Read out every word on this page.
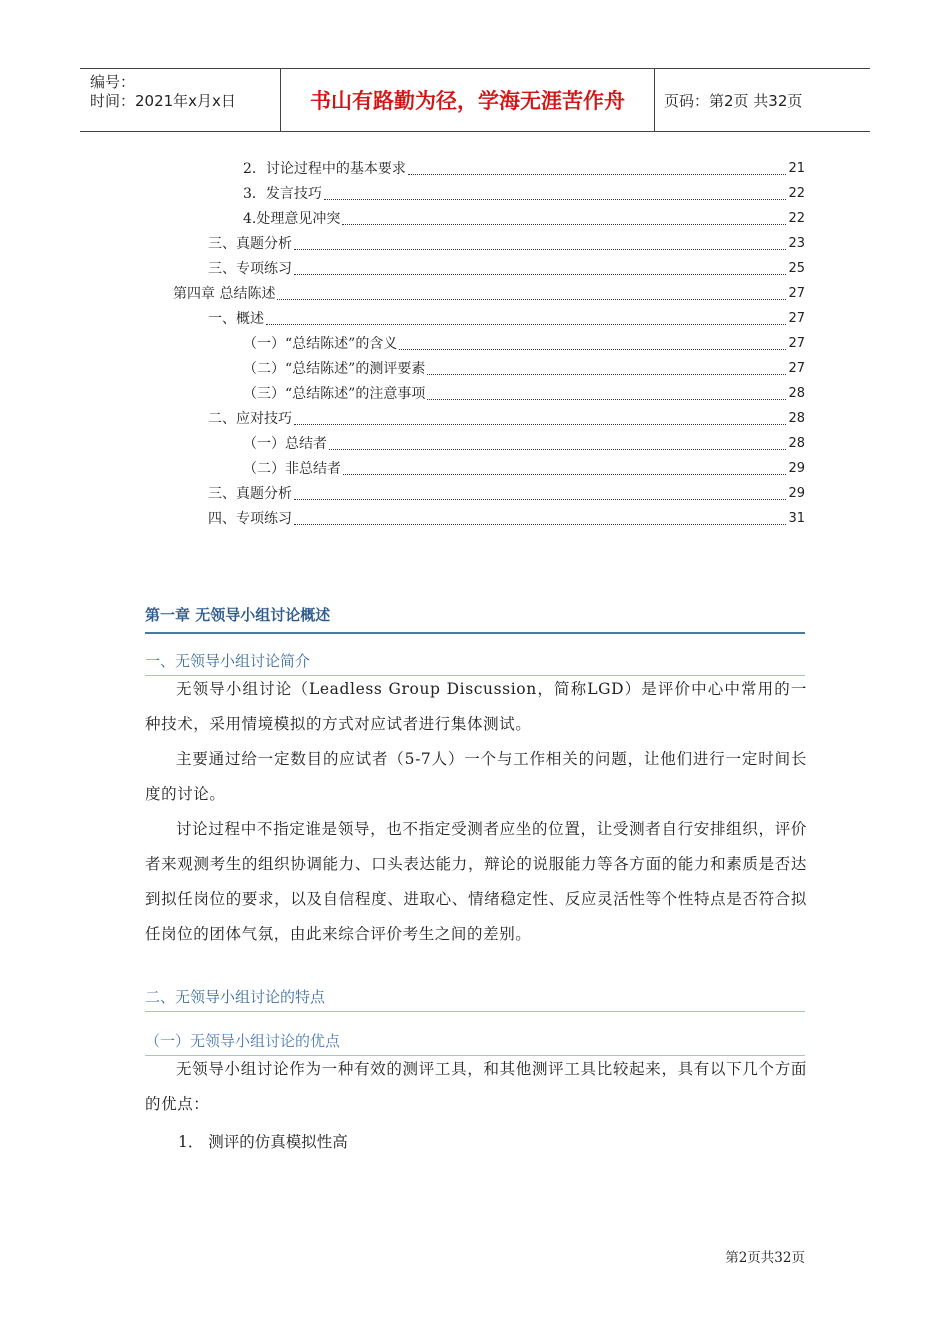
编号：
时间：2021年x月x日	书山有路勤为径，学海无涯苦作舟	页码：第2页 共32页
2．讨论过程中的基本要求	21
3．发言技巧	22
4.处理意见冲突	22
三、真题分析	23
三、专项练习	25
第四章 总结陈述	27
一、概述	27
（一）“总结陈述”的含义	27
（二）“总结陈述”的测评要素	27
（三）“总结陈述”的注意事项	28
二、应对技巧	28
（一）总结者	28
（二）非总结者	29
三、真题分析	29
四、专项练习	31
第一章 无领导小组讨论概述
一、无领导小组讨论简介
无领导小组讨论（Leadless Group Discussion，简称LGD）是评价中心中常用的一种技术，采用情境模拟的方式对应试者进行集体测试。
主要通过给一定数目的应试者（5-7人）一个与工作相关的问题，让他们进行一定时间长度的讨论。
讨论过程中不指定谁是领导，也不指定受测者应坐的位置，让受测者自行安排组织，评价者来观测考生的组织协调能力、口头表达能力，辩论的说服能力等各方面的能力和素质是否达到拟任岗位的要求，以及自信程度、进取心、情绪稳定性、反应灵活性等个性特点是否符合拟任岗位的团体气氛，由此来综合评价考生之间的差别。
二、无领导小组讨论的特点
（一）无领导小组讨论的优点
无领导小组讨论作为一种有效的测评工具，和其他测评工具比较起来，具有以下几个方面的优点：
1． 测评的仿真模拟性高
第2页共32页
